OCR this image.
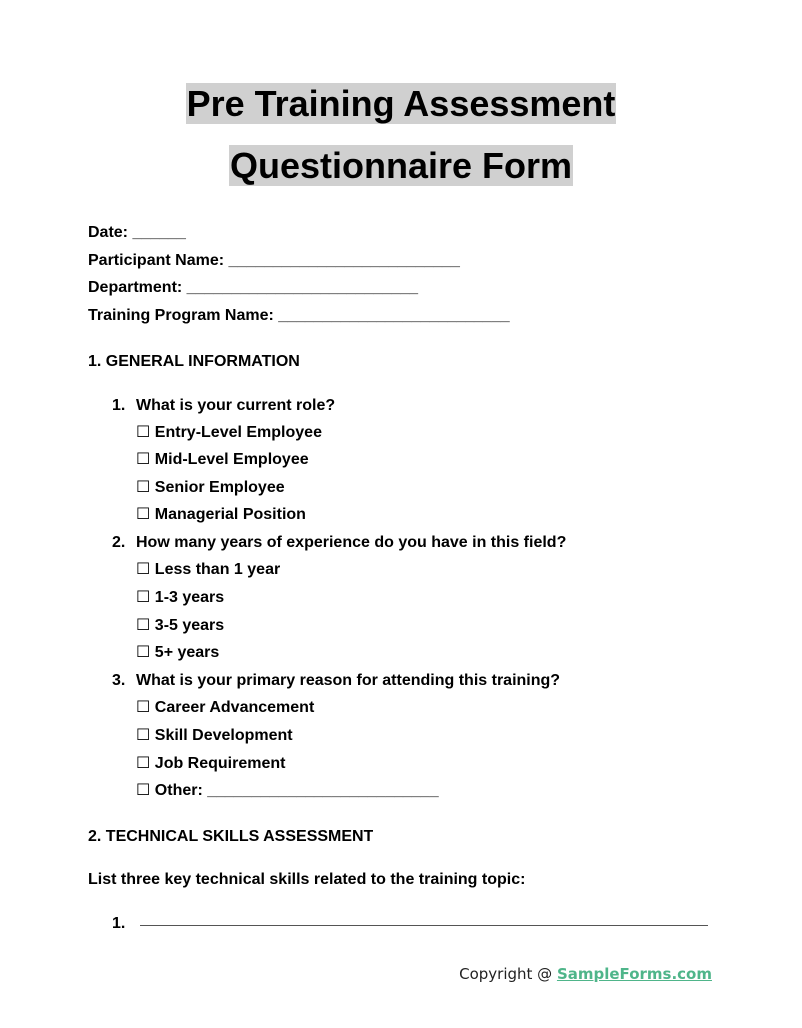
Pre Training Assessment
Questionnaire Form
Date: ______
Participant Name: __________________________
Department: __________________________
Training Program Name: __________________________
1. GENERAL INFORMATION
1. What is your current role?
☐ Entry-Level Employee
☐ Mid-Level Employee
☐ Senior Employee
☐ Managerial Position
2. How many years of experience do you have in this field?
☐ Less than 1 year
☐ 1-3 years
☐ 3-5 years
☐ 5+ years
3. What is your primary reason for attending this training?
☐ Career Advancement
☐ Skill Development
☐ Job Requirement
☐ Other: __________________________
2. TECHNICAL SKILLS ASSESSMENT
List three key technical skills related to the training topic:
1.
Copyright @ SampleForms.com
